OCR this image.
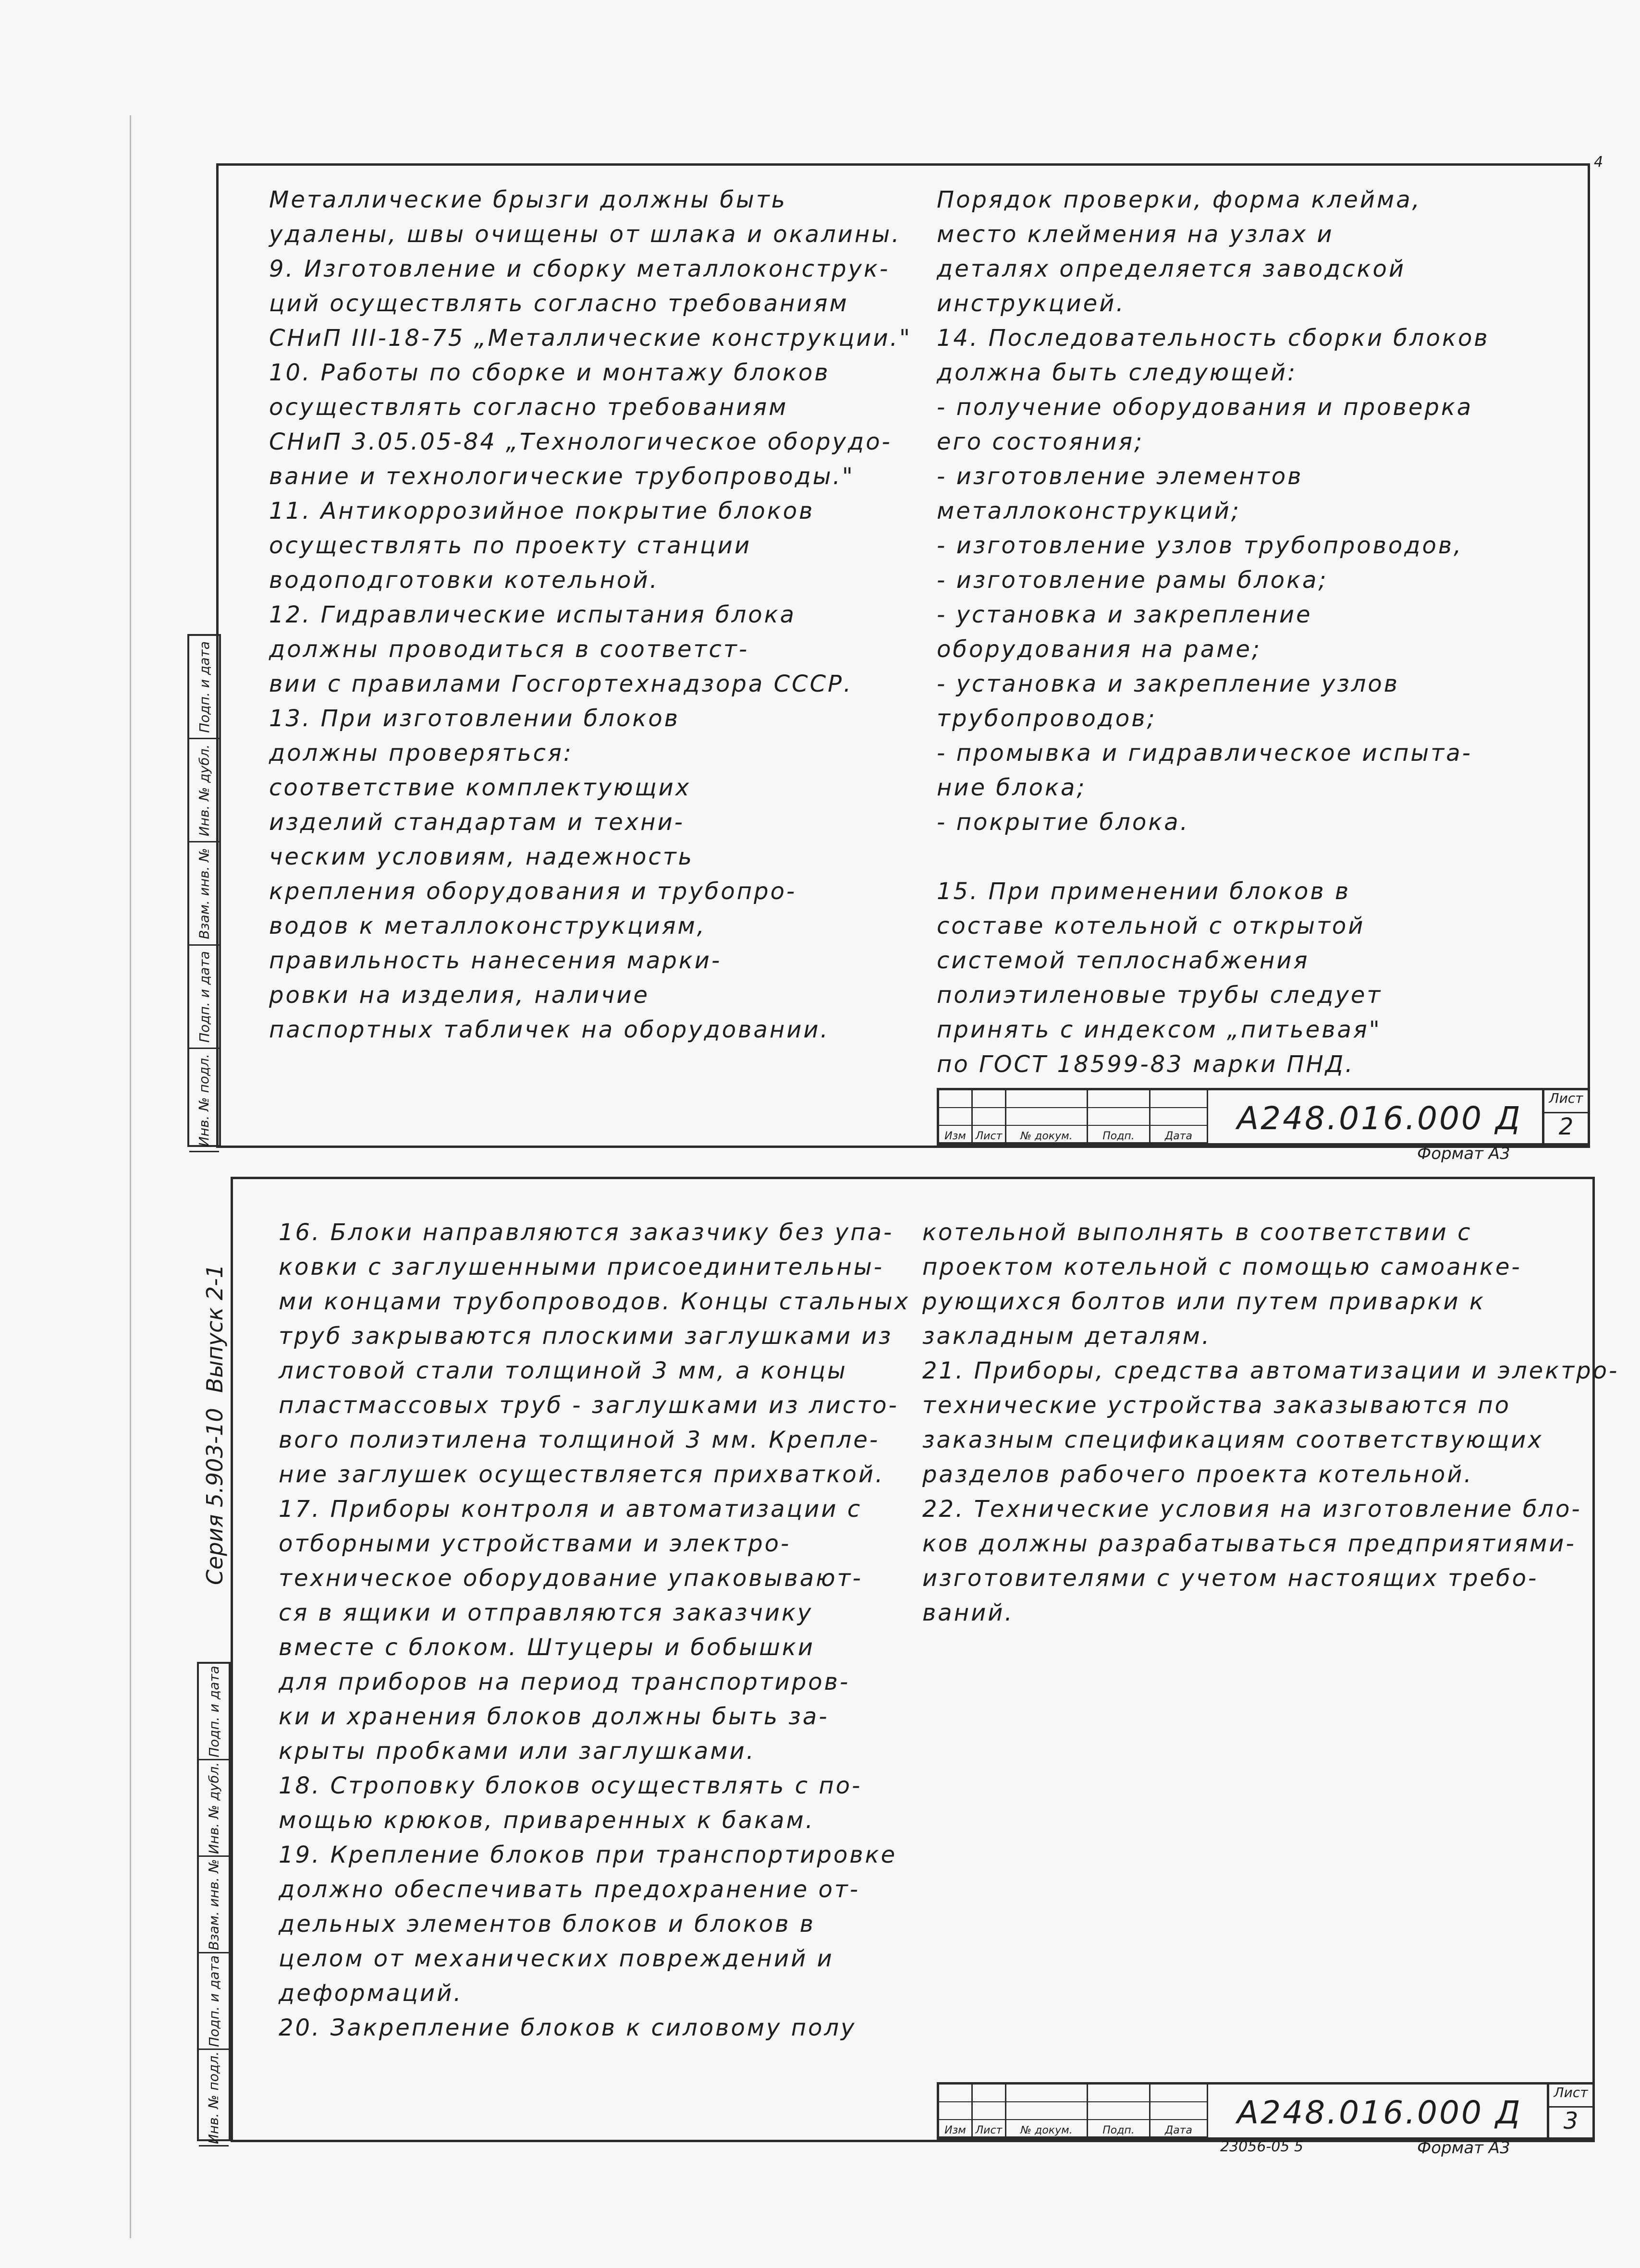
4
Подп. и дата
Инв. № дубл.
Взам. инв. №
Подп. и дата
Инв. № подл.
Металлические брызги должны быть
удалены, швы очищены от шлака и окалины.
9. Изготовление и сборку металлоконструк-
ций осуществлять согласно требованиям
СНиП III-18-75 „Металлические конструкции."
10. Работы по сборке и монтажу блоков
осуществлять согласно требованиям
СНиП 3.05.05-84 „Технологическое оборудо-
вание и технологические трубопроводы."
11. Антикоррозийное покрытие блоков
осуществлять по проекту станции
водоподготовки котельной.
12. Гидравлические испытания блока
должны проводиться в соответст-
вии с правилами Госгортехнадзора СССР.
13. При изготовлении блоков
должны проверяться:
соответствие комплектующих
изделий стандартам и техни-
ческим условиям, надежность
крепления оборудования и трубопро-
водов к металлоконструкциям,
правильность нанесения марки-
ровки на изделия, наличие
паспортных табличек на оборудовании.
Порядок проверки, форма клейма,
место клеймения на узлах и
деталях определяется заводской
инструкцией.
14. Последовательность сборки блоков
должна быть следующей:
- получение оборудования и проверка
его состояния;
- изготовление элементов
металлоконструкций;
- изготовление узлов трубопроводов,
- изготовление рамы блока;
- установка и закрепление
оборудования на раме;
- установка и закрепление узлов
трубопроводов;
- промывка и гидравлическое испыта-
ние блока;
- покрытие блока.
15. При применении блоков в
составе котельной с открытой
системой теплоснабжения
полиэтиленовые трубы следует
принять с индексом „питьевая"
по ГОСТ 18599-83 марки ПНД.
Изм Лист	№ докум.	Подп.	Дата	А248.016.000 Д
Лист
2
Формат А3
Выпуск 2-1
Серия 5.903-10
Подп. и дата
Инв. № дубл.
Взам. инв. №
Подп. и дата
Инв. № подл.
16. Блоки направляются заказчику без упа-
ковки с заглушенными присоединительны-
ми концами трубопроводов. Концы стальных
труб закрываются плоскими заглушками из
листовой стали толщиной 3 мм, а концы
пластмассовых труб - заглушками из листо-
вого полиэтилена толщиной 3 мм. Крепле-
ние заглушек осуществляется прихваткой.
17. Приборы контроля и автоматизации с
отборными устройствами и электро-
техническое оборудование упаковывают-
ся в ящики и отправляются заказчику
вместе с блоком. Штуцеры и бобышки
для приборов на период транспортиров-
ки и хранения блоков должны быть за-
крыты пробками или заглушками.
18. Строповку блоков осуществлять с по-
мощью крюков, приваренных к бакам.
19. Крепление блоков при транспортировке
должно обеспечивать предохранение от-
дельных элементов блоков и блоков в
целом от механических повреждений и
деформаций.
20. Закрепление блоков к силовому полу
котельной выполнять в соответствии с
проектом котельной с помощью самоанке-
рующихся болтов или путем приварки к
закладным деталям.
21. Приборы, средства автоматизации и электро-
технические устройства заказываются по
заказным спецификациям соответствующих
разделов рабочего проекта котельной.
22. Технические условия на изготовление бло-
ков должны разрабатываться предприятиями-
изготовителями с учетом настоящих требо-
ваний.
Изм Лист	№ докум.	Подп.	Дата	А248.016.000 Д
Лист
3
23056-05 5	Формат А3
